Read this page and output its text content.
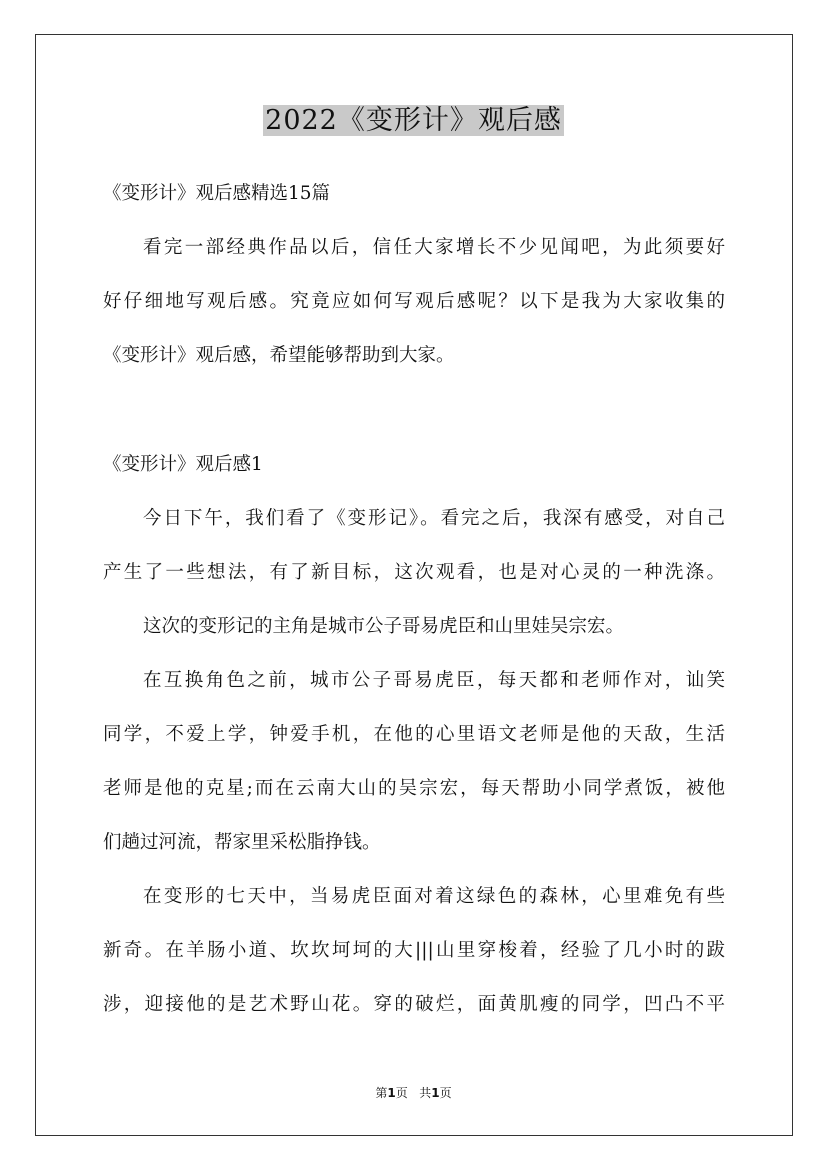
2022《变形计》观后感
《变形计》观后感精选15篇
看完一部经典作品以后，信任大家增长不少见闻吧，为此须要好
好仔细地写观后感。究竟应如何写观后感呢？以下是我为大家收集的
《变形计》观后感，希望能够帮助到大家。
《变形计》观后感1
今日下午，我们看了《变形记》。看完之后，我深有感受，对自己
产生了一些想法，有了新目标，这次观看，也是对心灵的一种洗涤。
这次的变形记的主角是城市公子哥易虎臣和山里娃吴宗宏。
在互换角色之前，城市公子哥易虎臣，每天都和老师作对，讪笑
同学，不爱上学，钟爱手机，在他的心里语文老师是他的天敌，生活
老师是他的克星;而在云南大山的吴宗宏，每天帮助小同学煮饭，被他
们趟过河流，帮家里采松脂挣钱。
在变形的七天中，当易虎臣面对着这绿色的森林，心里难免有些
新奇。在羊肠小道、坎坎坷坷的大|||山里穿梭着，经验了几小时的跋
涉，迎接他的是艺术野山花。穿的破烂，面黄肌瘦的同学，凹凸不平
第1页 共1页
